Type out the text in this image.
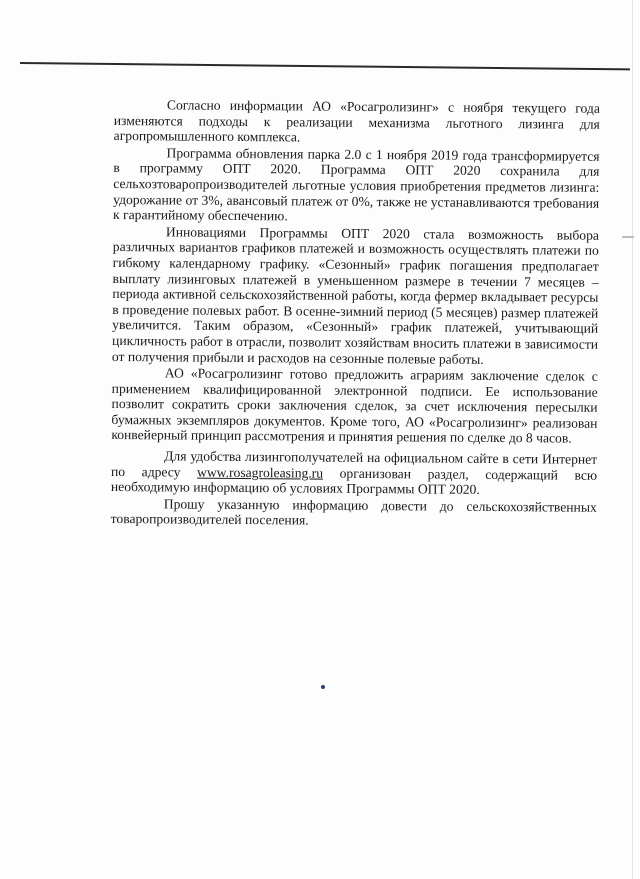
Согласно информации АО «Росагролизинг» с ноября текущего года изменяются подходы к реализации механизма льготного лизинга для агропромышленного комплекса.

Программа обновления парка 2.0 с 1 ноября 2019 года трансформируется в программу ОПТ 2020. Программа ОПТ 2020 сохранила для сельхозтоваропроизводителей льготные условия приобретения предметов лизинга: удорожание от 3%, авансовый платеж от 0%, также не устанавливаются требования к гарантийному обеспечению.

Инновациями Программы ОПТ 2020 стала возможность выбора различных вариантов графиков платежей и возможность осуществлять платежи по гибкому календарному графику. «Сезонный» график погашения предполагает выплату лизинговых платежей в уменьшенном размере в течении 7 месяцев – периода активной сельскохозяйственной работы, когда фермер вкладывает ресурсы в проведение полевых работ. В осенне-зимний период (5 месяцев) размер платежей увеличится. Таким образом, «Сезонный» график платежей, учитывающий цикличность работ в отрасли, позволит хозяйствам вносить платежи в зависимости от получения прибыли и расходов на сезонные полевые работы.

АО «Росагролизинг готово предложить аграриям заключение сделок с применением квалифицированной электронной подписи. Ее использование позволит сократить сроки заключения сделок, за счет исключения пересылки бумажных экземпляров документов. Кроме того, АО «Росагролизинг» реализован конвейерный принцип рассмотрения и принятия решения по сделке до 8 часов.

Для удобства лизингополучателей на официальном сайте в сети Интернет по адресу www.rosagroleasing.ru организован раздел, содержащий всю необходимую информацию об условиях Программы ОПТ 2020.

Прошу указанную информацию довести до сельскохозяйственных товаропроизводителей поселения.
